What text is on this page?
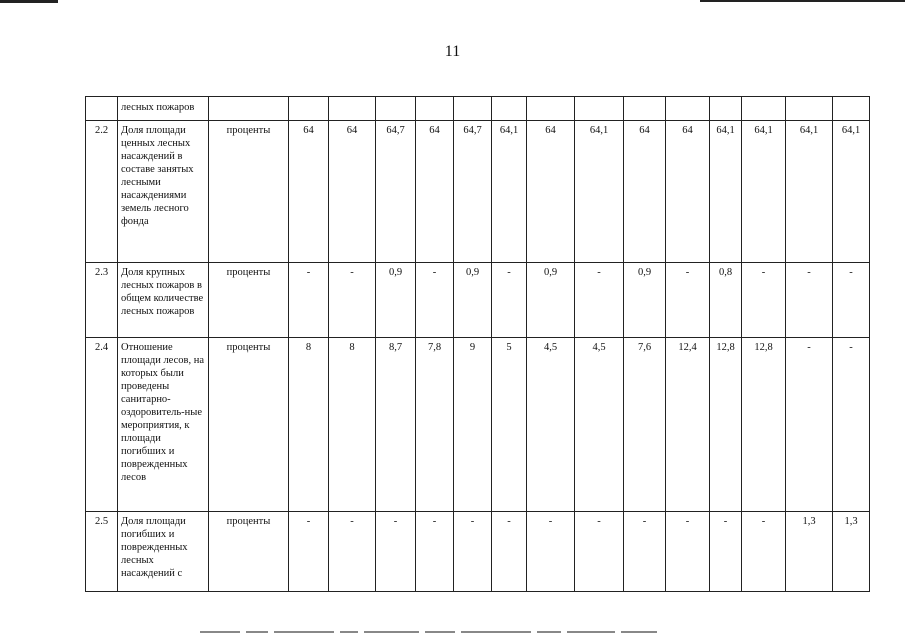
11
	лесных пожаров															
2.2	Доля площади ценных лесных насаждений в составе занятых лесными насаждениями земель лесного фонда	проценты	64	64	64,7	64	64,7	64,1	64	64,1	64	64	64,1	64,1	64,1	64,1
2.3	Доля крупных лесных пожаров в общем количестве лесных пожаров	проценты	-	-	0,9	-	0,9	-	0,9	-	0,9	-	0,8	-	-	-
2.4	Отношение площади лесов, на которых были проведены санитарно-оздоровитель-ные мероприятия, к площади погибших и поврежденных лесов	проценты	8	8	8,7	7,8	9	5	4,5	4,5	7,6	12,4	12,8	12,8	-	-
2.5	Доля площади погибших и поврежденных лесных насаждений с	проценты	-	-	-	-	-	-	-	-	-	-	-	-	1,3	1,3
